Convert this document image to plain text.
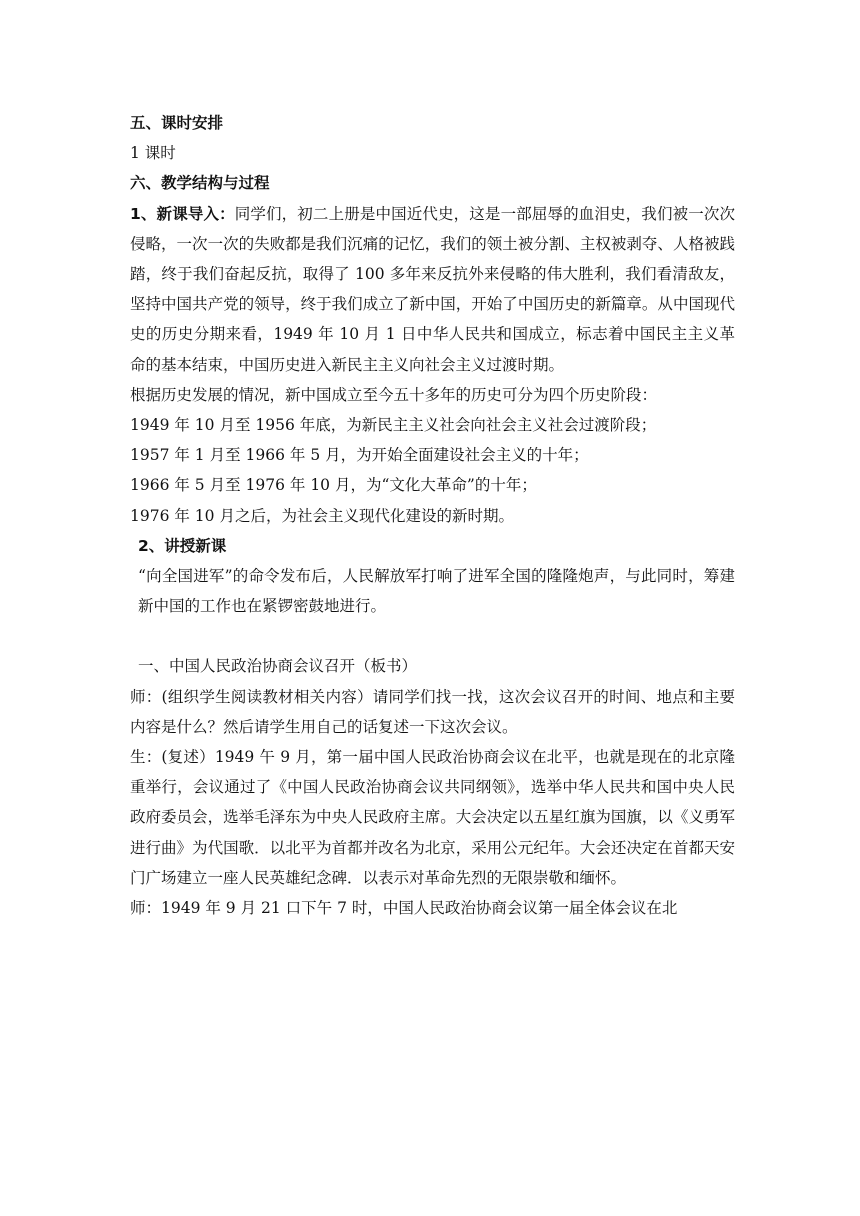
五、课时安排

1 课时

六、教学结构与过程

1、新课导入：同学们，初二上册是中国近代史，这是一部屈辱的血泪史，我们被一次次侵略，一次一次的失败都是我们沉痛的记忆，我们的领土被分割、主权被剥夺、人格被践踏，终于我们奋起反抗，取得了 100 多年来反抗外来侵略的伟大胜利，我们看清敌友，坚持中国共产党的领导，终于我们成立了新中国，开始了中国历史的新篇章。从中国现代史的历史分期来看，1949 年 10 月 1 日中华人民共和国成立，标志着中国民主主义革命的基本结束，中国历史进入新民主主义向社会主义过渡时期。

根据历史发展的情况，新中国成立至今五十多年的历史可分为四个历史阶段：

1949 年 10 月至 1956 年底，为新民主主义社会向社会主义社会过渡阶段；

1957 年 1 月至 1966 年 5 月，为开始全面建设社会主义的十年；

1966 年 5 月至 1976 年 10 月，为“文化大革命”的十年；

1976 年 10 月之后，为社会主义现代化建设的新时期。

2、讲授新课

“向全国进军”的命令发布后，人民解放军打响了进军全国的隆隆炮声，与此同时，筹建新中国的工作也在紧锣密鼓地进行。

一、中国人民政治协商会议召开（板书）

师：(组织学生阅读教材相关内容）请同学们找一找，这次会议召开的时间、地点和主要内容是什么？然后请学生用自己的话复述一下这次会议。

生：(复述）1949 午 9 月，第一届中国人民政治协商会议在北平，也就是现在的北京隆重举行，会议通过了《中国人民政治协商会议共同纲领》，选举中华人民共和国中央人民政府委员会，选举毛泽东为中央人民政府主席。大会决定以五星红旗为国旗，以《义勇军进行曲》为代国歌．以北平为首都并改名为北京，采用公元纪年。大会还决定在首都天安门广场建立一座人民英雄纪念碑．以表示对革命先烈的无限崇敬和缅怀。

师：1949 年 9 月 21 口下午 7 时，中国人民政治协商会议第一届全体会议在北
